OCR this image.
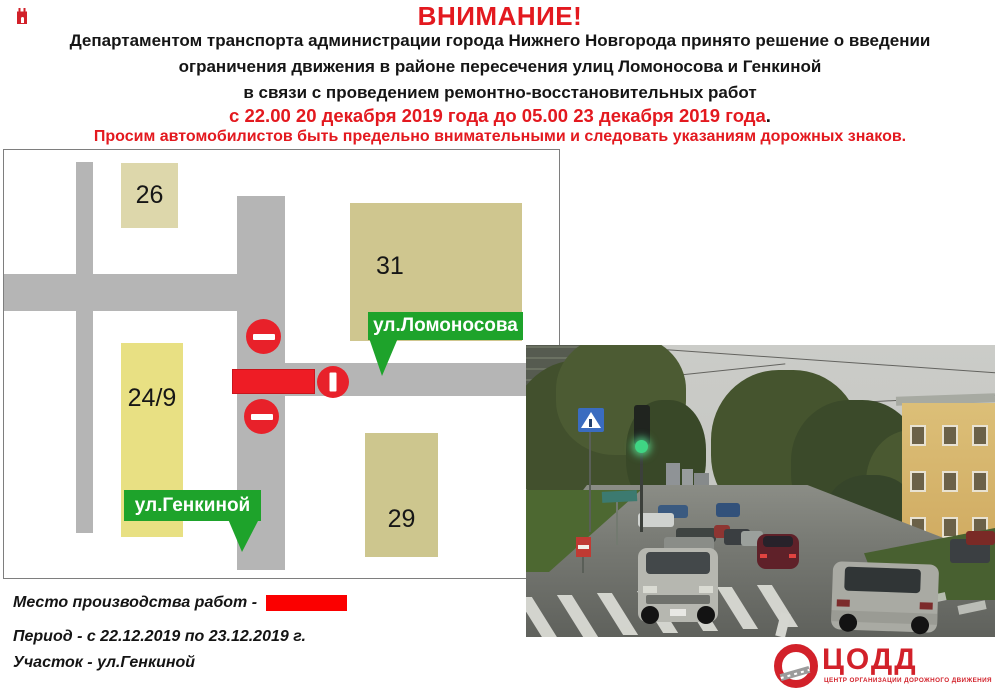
ВНИМАНИЕ!
Департаментом транспорта администрации города Нижнего Новгорода принято решение о введении
ограничения движения в районе пересечения улиц Ломоносова и Генкиной
в связи с проведением ремонтно-восстановительных работ
с 22.00 20 декабря 2019 года до 05.00 23 декабря 2019 года.
Просим автомобилистов быть предельно внимательными и следовать указаниям дорожных знаков.
26
31
24/9
29
ул.Ломоносова
ул.Генкиной
Место производства работ -
Период - с 22.12.2019 по 23.12.2019 г.
Участок - ул.Генкиной	ЦОДД
ЦЕНТР ОРГАНИЗАЦИИ ДОРОЖНОГО ДВИЖЕНИЯ
